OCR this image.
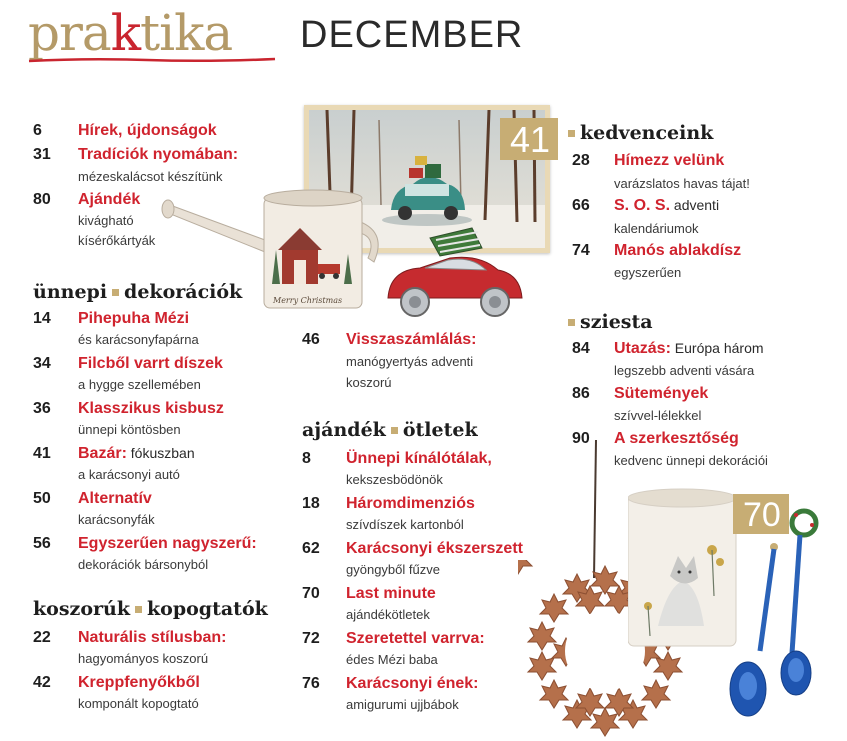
praktika DECEMBER
6 Hírek, újdonságok
31 Tradíciók nyomában:
mézeskalácsot készítünk
80 Ajándék
kivágható
kísérőkártyák
ünnepi dekorációk
14 Pihepuha Mézi
és karácsonyfapárna
34 Filcből varrt díszek
a hygge szellemében
36 Klasszikus kisbusz
ünnepi köntösben
41 Bazár: fókuszban
a karácsonyi autó
50 Alternatív
karácsonyfák
56 Egyszerűen nagyszerű:
dekorációk bársonyból
koszorúk kopogtatók
22 Naturális stílusban:
hagyományos koszorú
42 Kreppfenyőkből
komponált kopogtató
41
Merry Christmas
46 Visszaszámlálás:
manógyertyás adventi
koszorú
ajándék ötletek
8 Ünnepi kínálótálak,
kekszesbödönök
18 Háromdimenziós
szívdíszek kartonból
62 Karácsonyi ékszerszett
gyöngyből fűzve
70 Last minute
ajándékötletek
72 Szeretettel varrva:
édes Mézi baba
76 Karácsonyi ének:
amigurumi ujjbábok
kedvenceink
28 Hímezz velünk
varázslatos havas tájat!
66 S. O. S. adventi
kalendáriumok
74 Manós ablakdísz
egyszerűen
sziesta
84 Utazás: Európa három
legszebb adventi vására
86 Sütemények
szívvel-lélekkel
90 A szerkesztőség
kedvenc ünnepi dekorációi
70
